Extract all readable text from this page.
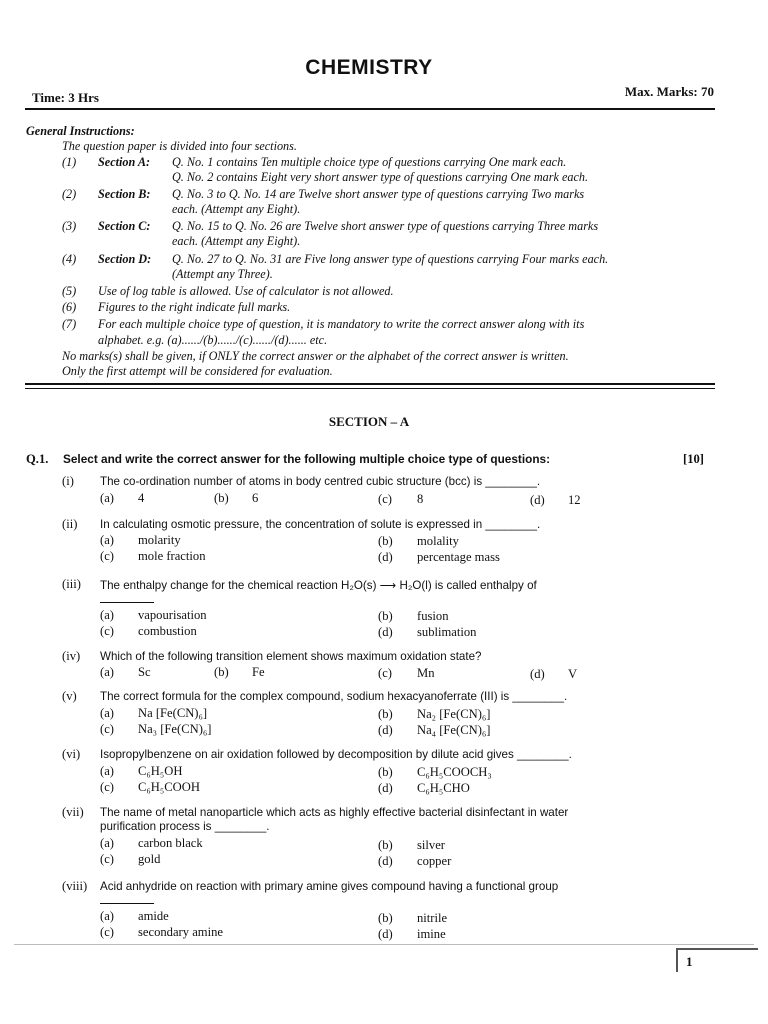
CHEMISTRY
Time: 3 Hrs	Max. Marks: 70
General Instructions:
The question paper is divided into four sections.
(1) Section A: Q. No. 1 contains Ten multiple choice type of questions carrying One mark each.
Q. No. 2 contains Eight very short answer type of questions carrying One mark each.
(2) Section B: Q. No. 3 to Q. No. 14 are Twelve short answer type of questions carrying Two marks
each. (Attempt any Eight).
(3) Section C: Q. No. 15 to Q. No. 26 are Twelve short answer type of questions carrying Three marks
each. (Attempt any Eight).
(4) Section D: Q. No. 27 to Q. No. 31 are Five long answer type of questions carrying Four marks each.
(Attempt any Three).
(5) Use of log table is allowed. Use of calculator is not allowed.
(6) Figures to the right indicate full marks.
(7) For each multiple choice type of question, it is mandatory to write the correct answer along with its
alphabet. e.g. (a)....../(b)....../(c)....../(d)...... etc.
No marks(s) shall be given, if ONLY the correct answer or the alphabet of the correct answer is written.
Only the first attempt will be considered for evaluation.
SECTION – A
Q.1. Select and write the correct answer for the following multiple choice type of questions:	[10]
(i) The co-ordination number of atoms in body centred cubic structure (bcc) is ________.
(a) 4	(b) 6	(c) 8	(d) 12
(ii) In calculating osmotic pressure, the concentration of solute is expressed in ________.
(a) molarity	(b) molality
(c) mole fraction	(d) percentage mass
(iii) The enthalpy change for the chemical reaction H₂O(s) ⟶ H₂O(l) is called enthalpy of
(a) vapourisation	(b) fusion
(c) combustion	(d) sublimation
(iv) Which of the following transition element shows maximum oxidation state?
(a) Sc	(b) Fe	(c) Mn	(d) V
(v) The correct formula for the complex compound, sodium hexacyanoferrate (III) is ________.
(a) Na [Fe(CN)₆]	(b) Na₂ [Fe(CN)₆]
(c) Na₃ [Fe(CN)₆]	(d) Na₄ [Fe(CN)₆]
(vi) Isopropylbenzene on air oxidation followed by decomposition by dilute acid gives ________.
(a) C₆H₅OH	(b) C₆H₅COOCH₃
(c) C₆H₅COOH	(d) C₆H₅CHO
(vii) The name of metal nanoparticle which acts as highly effective bacterial disinfectant in water
purification process is ________.
(a) carbon black	(b) silver
(c) gold	(d) copper
(viii) Acid anhydride on reaction with primary amine gives compound having a functional group
(a) amide	(b) nitrile
(c) secondary amine	(d) imine
1
